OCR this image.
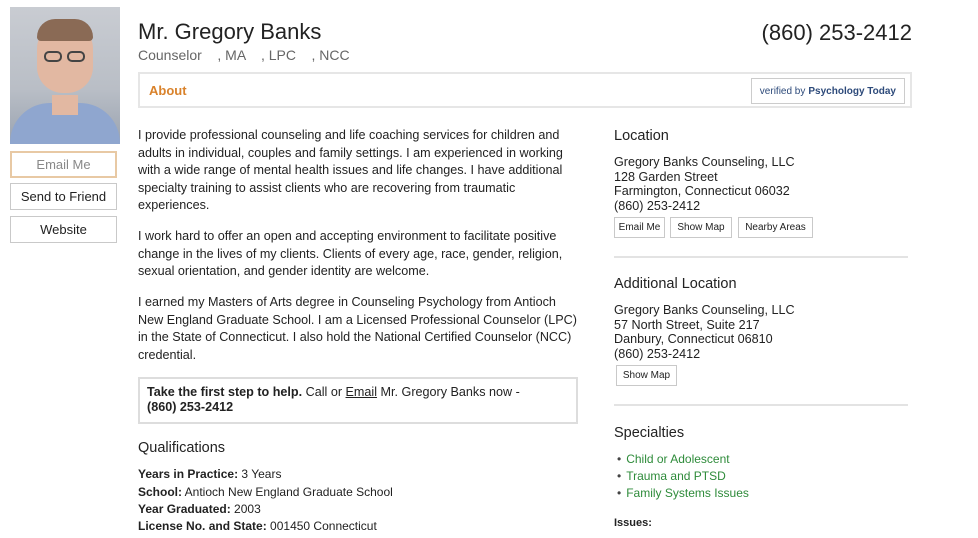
Email Me
Send to Friend
Website
Mr. Gregory Banks
Counselor    , MA    , LPC    , NCC
(860) 253-2412
About	verified by Psychology Today

I provide professional counseling and life coaching services for children and adults in individual, couples and family settings. I am experienced in working with a wide range of mental health issues and life changes. I have additional specialty training to assist clients who are recovering from traumatic experiences.

I work hard to offer an open and accepting environment to facilitate positive change in the lives of my clients. Clients of every age, race, gender, religion, sexual orientation, and gender identity are welcome.

I earned my Masters of Arts degree in Counseling Psychology from Antioch New England Graduate School. I am a Licensed Professional Counselor (LPC) in the State of Connecticut. I also hold the National Certified Counselor (NCC) credential.

Take the first step to help. Call or Email Mr. Gregory Banks now -
(860) 253-2412
Qualifications
Years in Practice: 3 Years
School: Antioch New England Graduate School
Year Graduated: 2003
License No. and State: 001450 Connecticut
Location
Gregory Banks Counseling, LLC
128 Garden Street
Farmington, Connecticut 06032
(860) 253-2412
Email Me	Show Map	Nearby Areas
Additional Location
Gregory Banks Counseling, LLC
57 North Street, Suite 217
Danbury, Connecticut 06810
(860) 253-2412
Show Map
Specialties
• Child or Adolescent
• Trauma and PTSD
• Family Systems Issues
Issues:
